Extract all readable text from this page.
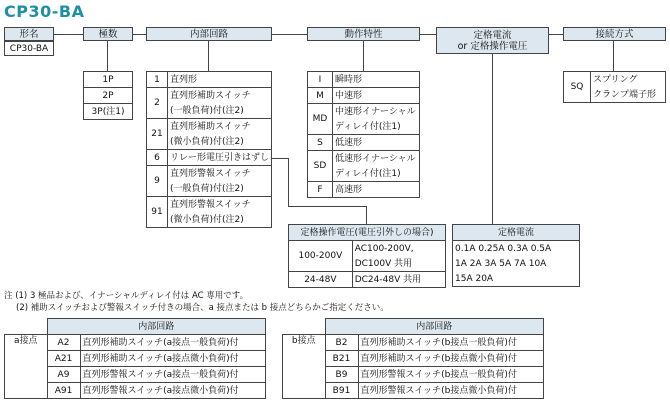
CP30-BA
形名	極数	内部回路	動作特性	定格電流
or 定格操作電圧
接続方式
CP30-BA
1P
2P
3P(注1)
1	直列形
2	直列形補助スイッチ
	(一般負荷)付(注2)
21	直列形補助スイッチ
	(微小負荷)付(注2)
6	リレー形電圧引きはずし
9	直列形警報スイッチ
	(一般負荷)付(注2)
91	直列形警報スイッチ
	(微小負荷)付(注2)
I	瞬時形
M	中速形
MD	中速形イナーシャル
	ディレイ付(注1)
S	低速形
SD	低速形イナーシャル
	ディレイ付(注1)
F	高速形
SQ	スプリング
クランプ端子形
定格操作電圧(電圧引外しの場合)	
100-200V	AC100-200V,
	DC100V 共用
24-48V	DC24-48V 共用
定格電流
0.1A 0.25A 0.3A 0.5A
1A 2A 3A 5A 7A 10A
15A 20A
注 (1) 3 極品および、イナーシャルディレイ付は AC 専用です。
(2) 補助スイッチおよび警報スイッチ付きの場合、a 接点または b 接点どちらかご指定ください。
	内部回路	
a接点	A2	直列形補助スイッチ(a接点一般負荷)付
	A21	直列形補助スイッチ(a接点微小負荷)付
	A9	直列形警報スイッチ(a接点一般負荷)付
	A91	直列形警報スイッチ(a接点微小負荷)付
	内部回路	
b接点	B2	直列形補助スイッチ(b接点一般負荷)付
	B21	直列形補助スイッチ(b接点微小負荷)付
	B9	直列形警報スイッチ(b接点一般負荷)付
	B91	直列形警報スイッチ(b接点微小負荷)付
